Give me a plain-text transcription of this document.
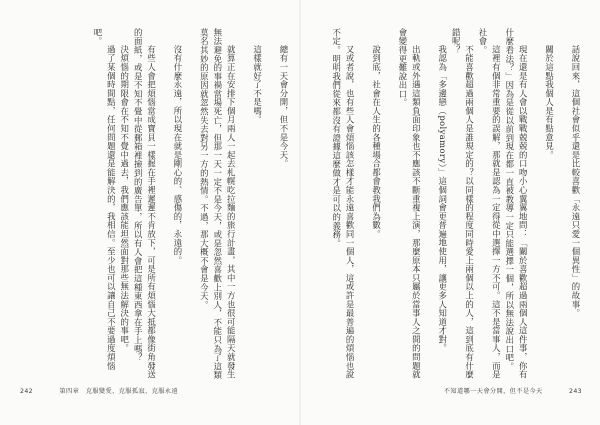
總有一天會分開，但不是今天。

這樣就好了不是嗎。

就算正在安排下個月兩人一起去札幌吃拉麵的旅行計畫，其中一方也很可能隔天就發生無法避免的事禍當場死亡，但那一天一定不是今天，或是忽然喜歡上別人，不能只為了這類莫名其妙的原因就忽然失去對另一方的熱情。不過，那大概不會是今天。

沒有什麼永遠，所以現在就是剛心的、感傷的，永遠的。

有些人會把煩惱當成寶貝一樣握在手裡遲遲不肯放下，可是所有煩惱大抵都像街角發送的面紙，或是不知不覺中從郵箱裡撿到的廣告單，所以有人會把這種東西拿在手上嗎？

決煩惱的期限會在不知不覺中過去，我們應該能坦然面對那些無法解決的事吧。

過了某個時間點，任何問題還是能解決的，我相信。至少也可以讓自己不要過度煩惱吧。

話說回來，這個社會似乎還是比較喜歡「永遠只愛一個異性」的故事。

關於這點我個人是有點意見。

現在還是有人會以戰戰兢兢的口吻小心翼翼地問：「關於喜歡超過兩個人這件事，你有什麼看法？」因為是從以前到現在都一直被教導一定只能選擇一個，所以無法說出口吧。

這裡有個非常重要的誤解，那就是認為一定得從中選擇一方不可。這不是當事人，而是社會。

不能喜歡超過兩個人是誰規定的？以同樣的程度同時愛上兩個以上的人，這到底有什麼錯呢？

我認為「多邊戀（polyamory）」這個詞會更普遍地使用，讓更多人知道才對。

出軌或外遇這類負面印象也不應該不斷重複上演，那麼原本只屬於當事人之間的問題就會變得更難說出口。

說到底，社會在人生的各種場合都會教我們為數。

又或者說，也有些人會煩惱該怎樣才能永遠喜歡同一個人，這或許是最普遍的煩惱也說不定。明明我們從來都沒有證據這麼做才是可以的義務。

242	第四章　克服變愛、克服孤寂、克服永遠	不知道哪一天會分開，但不是今天	243
